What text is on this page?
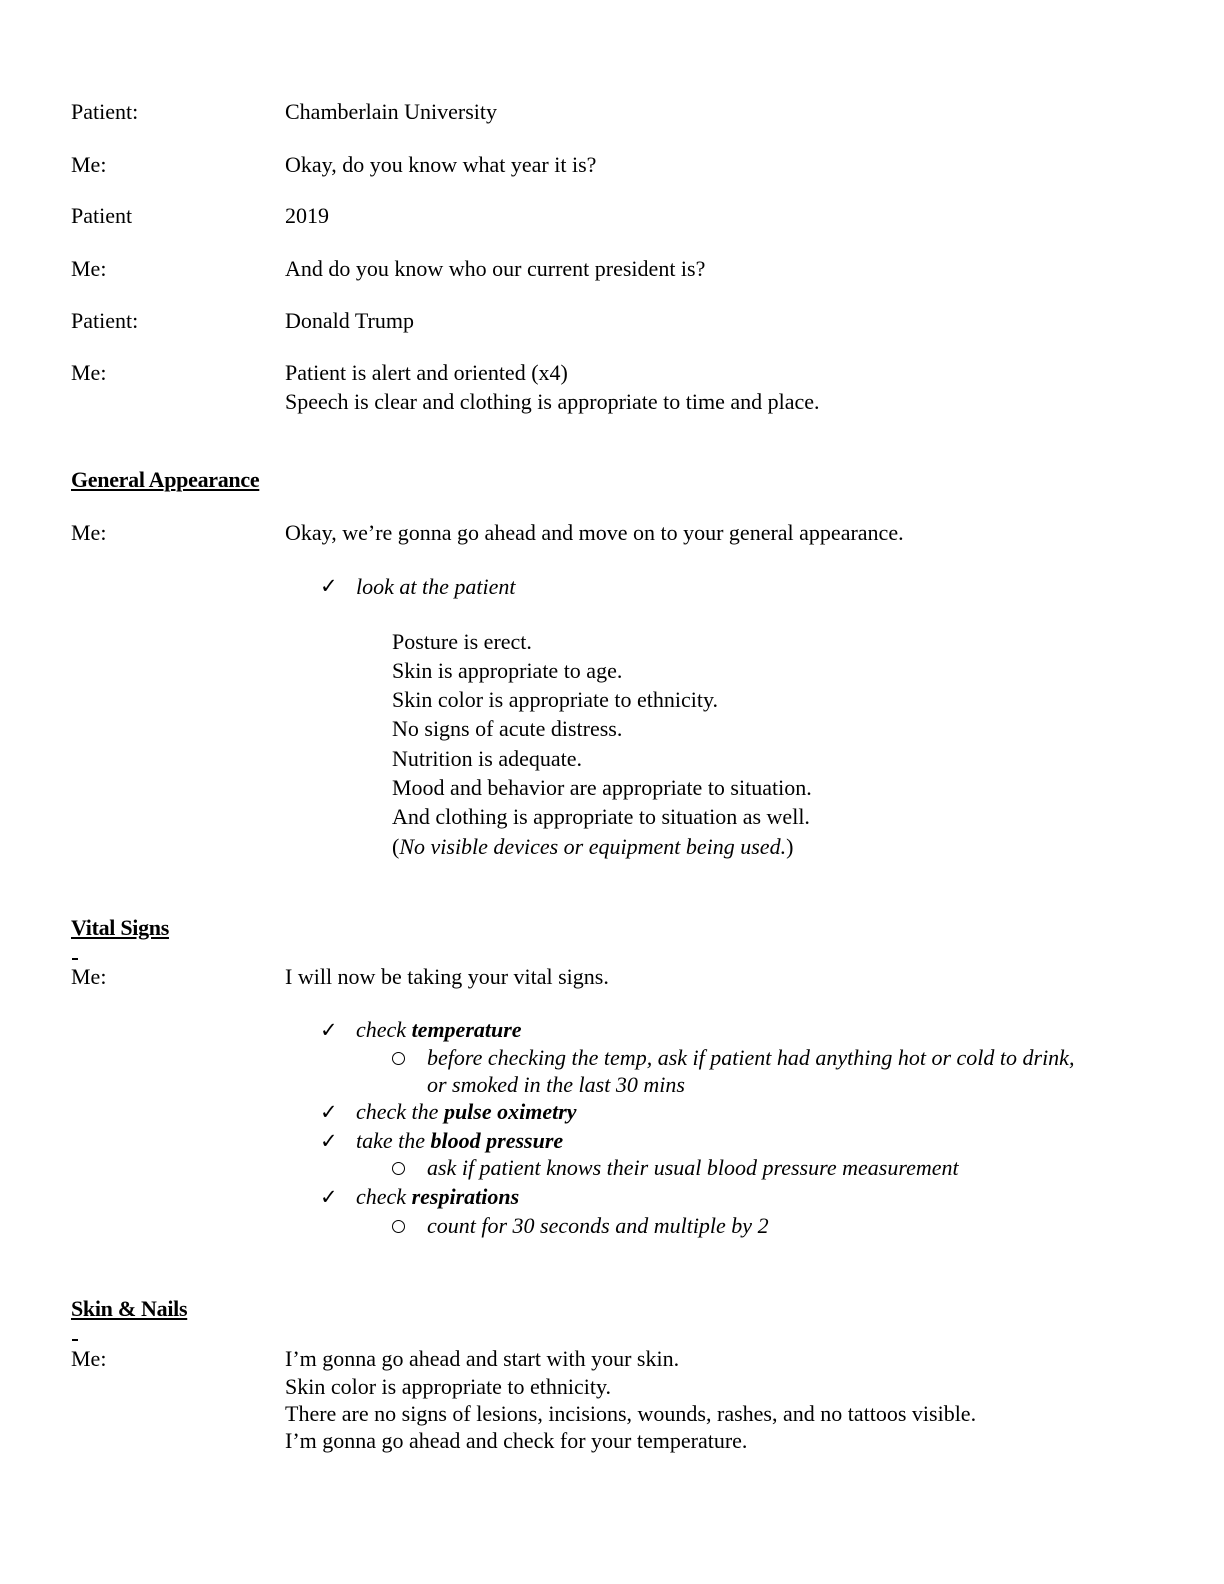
Patient:	Chamberlain University
Me:	Okay, do you know what year it is?
Patient	2019
Me:	And do you know who our current president is?
Patient:	Donald Trump
Me:	Patient is alert and oriented (x4)
Speech is clear and clothing is appropriate to time and place.
General Appearance
Me:	Okay, we’re gonna go ahead and move on to your general appearance.
✓ look at the patient
Posture is erect.
Skin is appropriate to age.
Skin color is appropriate to ethnicity.
No signs of acute distress.
Nutrition is adequate.
Mood and behavior are appropriate to situation.
And clothing is appropriate to situation as well.
(No visible devices or equipment being used.)
Vital Signs
Me:	I will now be taking your vital signs.
✓ check temperature
before checking the temp, ask if patient had anything hot or cold to drink,
or smoked in the last 30 mins
✓ check the pulse oximetry
✓ take the blood pressure
ask if patient knows their usual blood pressure measurement
✓ check respirations
count for 30 seconds and multiple by 2
Skin & Nails
Me:	I’m gonna go ahead and start with your skin.
Skin color is appropriate to ethnicity.
There are no signs of lesions, incisions, wounds, rashes, and no tattoos visible.
I’m gonna go ahead and check for your temperature.
